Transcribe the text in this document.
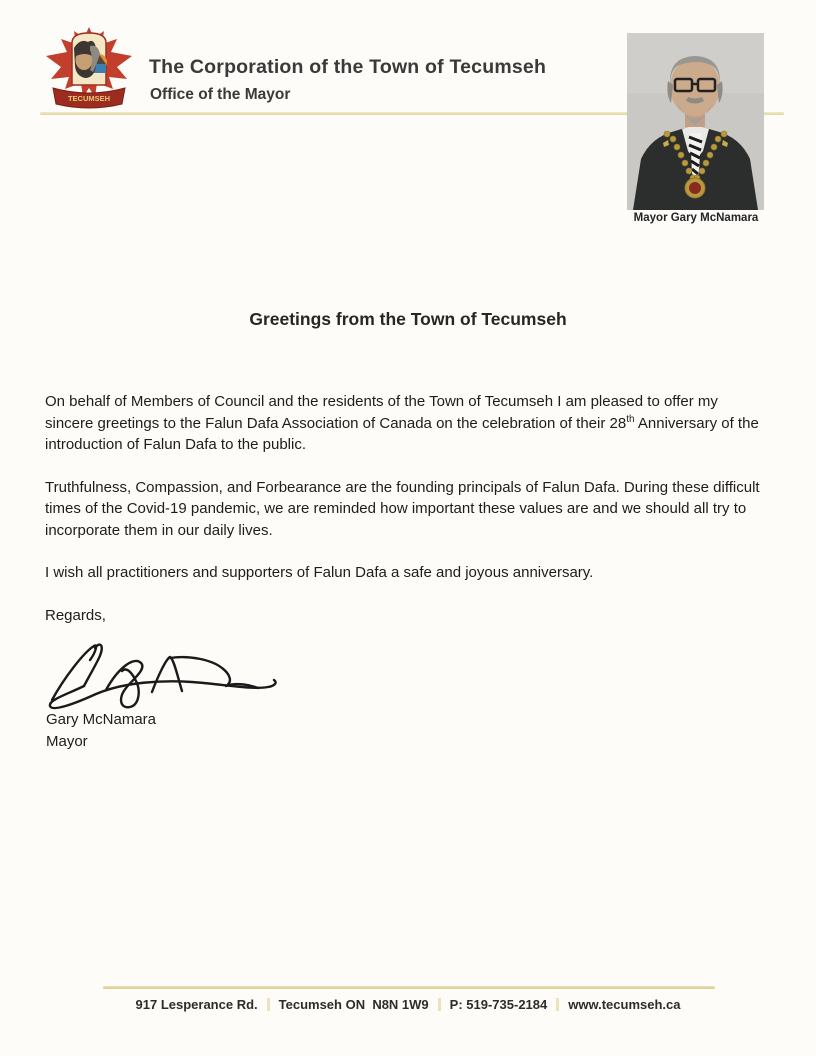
TECUMSEH
The Corporation of the Town of Tecumseh
Office of the Mayor
Mayor Gary McNamara
Greetings from the Town of Tecumseh

On behalf of Members of Council and the residents of the Town of Tecumseh I am pleased to offer my sincere greetings to the Falun Dafa Association of Canada on the celebration of their 28th Anniversary of the introduction of Falun Dafa to the public.

Truthfulness, Compassion, and Forbearance are the founding principals of Falun Dafa. During these difficult times of the Covid-19 pandemic, we are reminded how important these values are and we should all try to incorporate them in our daily lives.

I wish all practitioners and supporters of Falun Dafa a safe and joyous anniversary.

Regards,

Gary McNamara
Mayor
917 Lesperance Rd. Tecumseh ON  N8N 1W9 P: 519-735-2184 www.tecumseh.ca
